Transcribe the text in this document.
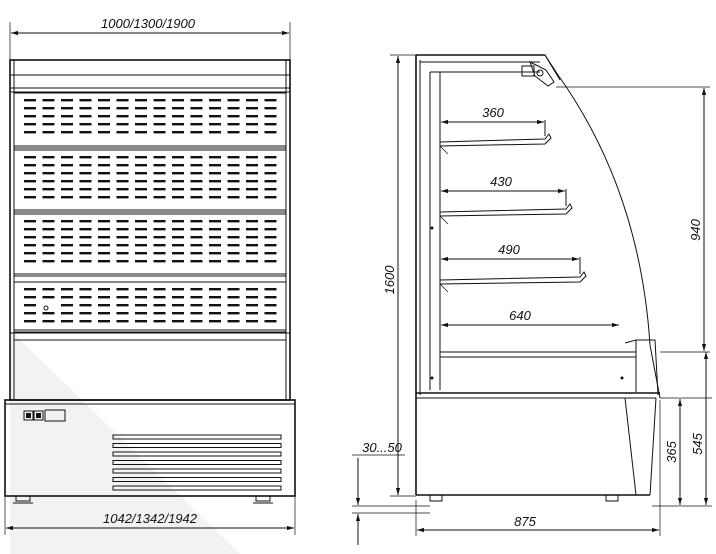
1000/1300/1900
1042/1342/1942
360
430
490
640
1600
940
545
365
30...50
875
